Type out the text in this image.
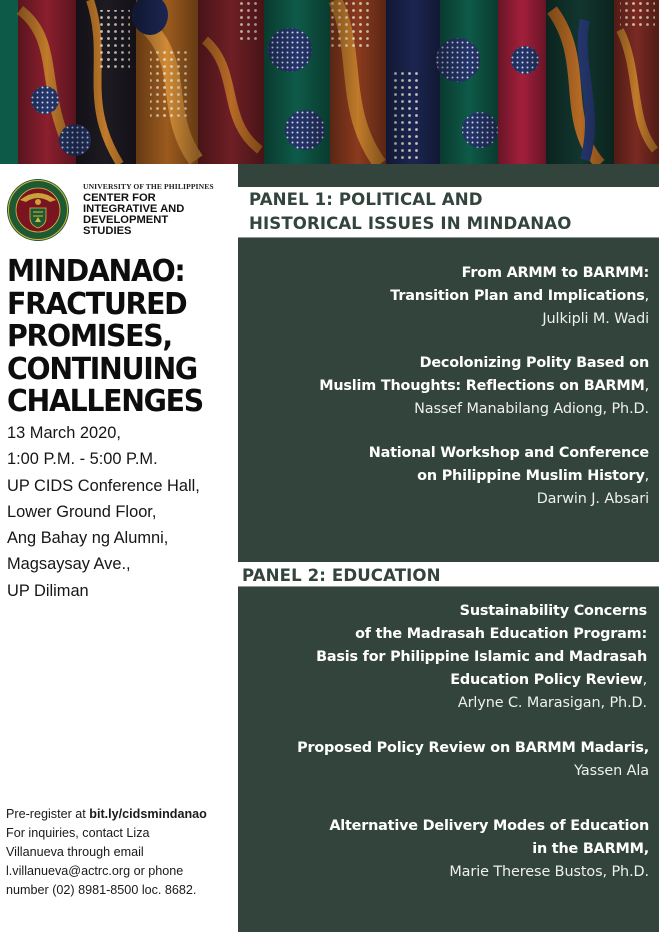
UNIVERSITY OF THE PHILIPPINES
CENTER FOR
INTEGRATIVE AND
DEVELOPMENT
STUDIES
MINDANAO:
FRACTURED
PROMISES,
CONTINUING
CHALLENGES
13 March 2020,
1:00 P.M. - 5:00 P.M.
UP CIDS Conference Hall,
Lower Ground Floor,
Ang Bahay ng Alumni,
Magsaysay Ave.,
UP Diliman
Pre-register at bit.ly/cidsmindanao
For inquiries, contact Liza
Villanueva through email
l.villanueva@actrc.org or phone
number (02) 8981-8500 loc. 8682.
PANEL 1: POLITICAL AND
HISTORICAL ISSUES IN MINDANAO
From ARMM to BARMM:
Transition Plan and Implications,
Julkipli M. Wadi
Decolonizing Polity Based on
Muslim Thoughts: Reflections on BARMM,
Nassef Manabilang Adiong, Ph.D.
National Workshop and Conference
on Philippine Muslim History,
Darwin J. Absari
PANEL 2: EDUCATION
Sustainability Concerns
of the Madrasah Education Program:
Basis for Philippine Islamic and Madrasah
Education Policy Review,
Arlyne C. Marasigan, Ph.D.
Proposed Policy Review on BARMM Madaris,
Yassen Ala
Alternative Delivery Modes of Education
in the BARMM,
Marie Therese Bustos, Ph.D.
